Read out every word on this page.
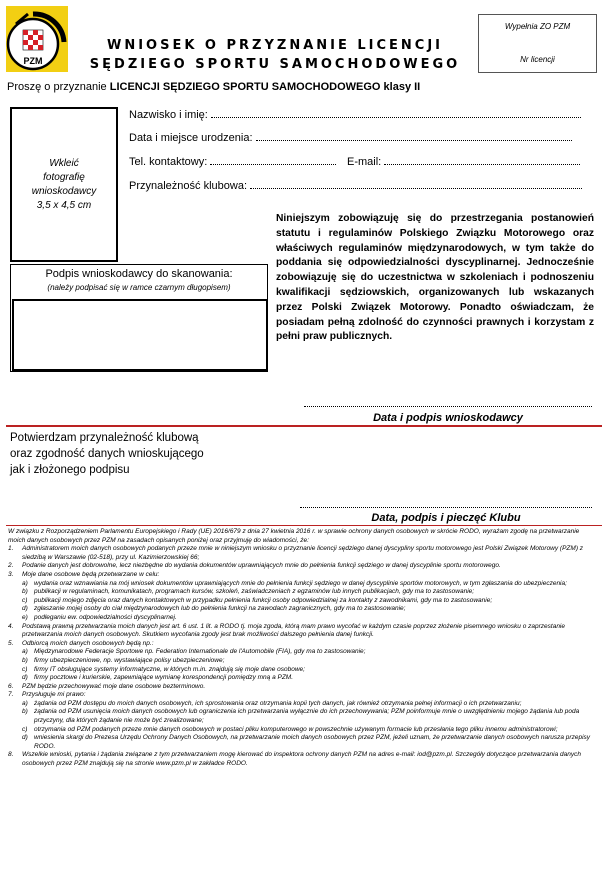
PZM
WNIOSEK O PRZYZNANIE LICENCJI
SĘDZIEGO SPORTU SAMOCHODOWEGO
Wypełnia ZO PZM
Nr licencji
Proszę o przyznanie LICENCJI SĘDZIEGO SPORTU SAMOCHODOWEGO klasy II
Wkleić
fotografię
wnioskodawcy
3,5 x 4,5 cm
Nazwisko i imię:
Data i miejsce urodzenia:
Tel. kontaktowy:	E-mail:
Przynależność klubowa:
Podpis wnioskodawcy do skanowania:
(należy podpisać się w ramce czarnym długopisem)
Niniejszym zobowiązuję się do przestrzegania postanowień statutu i regulaminów Polskiego Związku Motorowego oraz właściwych regulaminów międzynarodowych, w tym także do poddania się odpowiedzialności dyscyplinarnej. Jednocześnie zobowiązuję się do uczestnictwa w szkoleniach i podnoszeniu kwalifikacji sędziowskich, organizowanych lub wskazanych przez Polski Związek Motorowy. Ponadto oświadczam, że posiadam pełną zdolność do czynności prawnych i korzystam z pełni praw publicznych.
Data i podpis wnioskodawcy
Potwierdzam przynależność klubową
oraz zgodność danych wnioskującego
jak i złożonego podpisu
Data, podpis i pieczęć Klubu

W związku z Rozporządzeniem Parlamentu Europejskiego i Rady (UE) 2016/679 z dnia 27 kwietnia 2016 r. w sprawie ochrony danych osobowych w skrócie RODO, wyrażam zgodę na przetwarzanie moich danych osobowych przez PZM na zasadach opisanych poniżej oraz przyjmuję do wiadomości, że:

1. Administratorem moich danych osobowych podanych przeze mnie w niniejszym wniosku o przyznanie licencji sędziego danej dyscypliny sportu motorowego jest Polski Związek Motorowy (PZM) z siedzibą w Warszawie (02-518), przy ul. Kazimierzowskiej 66;
2. Podanie danych jest dobrowolne, lecz niezbędne do wydania dokumentów uprawniających mnie do pełnienia funkcji sędziego w danej dyscyplinie sportu motorowego.
3. Moje dane osobowe będą przetwarzane w celu:
a) wydania oraz wznawiania na mój wniosek dokumentów uprawniających mnie do pełnienia funkcji sędziego w danej dyscyplinie sportów motorowych, w tym zgłaszania do ubezpieczenia;
b) publikacji w regulaminach, komunikatach, programach kursów, szkoleń, zaświadczeniach z egzaminów lub innych publikacjach, gdy ma to zastosowanie;
c) publikacji mojego zdjęcia oraz danych kontaktowych w przypadku pełnienia funkcji osoby odpowiedzialnej za kontakty z zawodnikami, gdy ma to zastosowanie;
d) zgłaszanie mojej osoby do ciał międzynarodowych lub do pełnienia funkcji na zawodach zagranicznych, gdy ma to zastosowanie;
e) podleganiu ew. odpowiedzialności dyscyplinarnej.
4. Podstawą prawną przetwarzania moich danych jest art. 6 ust. 1 lit. a RODO tj. moja zgoda, którą mam prawo wycofać w każdym czasie poprzez złożenie pisemnego wniosku o zaprzestanie przetwarzania moich danych osobowych. Skutkiem wycofania zgody jest brak możliwości dalszego pełnienia danej funkcji.
5. Odbiorcą moich danych osobowych będą np.:
a) Międzynarodowe Federacje Sportowe np. Federation Internationale de l'Automobile (FIA), gdy ma to zastosowanie;
b) firmy ubezpieczeniowe, np. wystawiające polisy ubezpieczeniowe;
c) firmy IT obsługujące systemy informatyczne, w których m.in. znajdują się moje dane osobowe;
d) firmy pocztowe i kurierskie, zapewniające wymianę korespondencji pomiędzy mną a PZM.
6. PZM będzie przechowywać moje dane osobowe bezterminowo.
7. Przysługuje mi prawo:
a) żądania od PZM dostępu do moich danych osobowych, ich sprostowania oraz otrzymania kopii tych danych, jak również otrzymania pełnej informacji o ich przetwarzaniu;
b) żądania od PZM usunięcia moich danych osobowych lub ograniczenia ich przetwarzania wyłącznie do ich przechowywania; PZM poinformuje mnie o uwzględnieniu mojego żądania lub poda przyczyny, dla których żądanie nie może być zrealizowane;
c) otrzymania od PZM podanych przeze mnie danych osobowych w postaci pliku komputerowego w powszechnie używanym formacie lub przesłania tego pliku innemu administratorowi;
d) wniesienia skargi do Prezesa Urzędu Ochrony Danych Osobowych, na przetwarzanie moich danych osobowych przez PZM, jeżeli uznam, że przetwarzanie danych osobowych narusza przepisy RODO.
8. Wszelkie wnioski, pytania i żądania związane z tym przetwarzaniem mogę kierować do inspektora ochrony danych PZM na adres e-mail: iod@pzm.pl. Szczegóły dotyczące przetwarzania danych osobowych przez PZM znajdują się na stronie www.pzm.pl w zakładce RODO.
